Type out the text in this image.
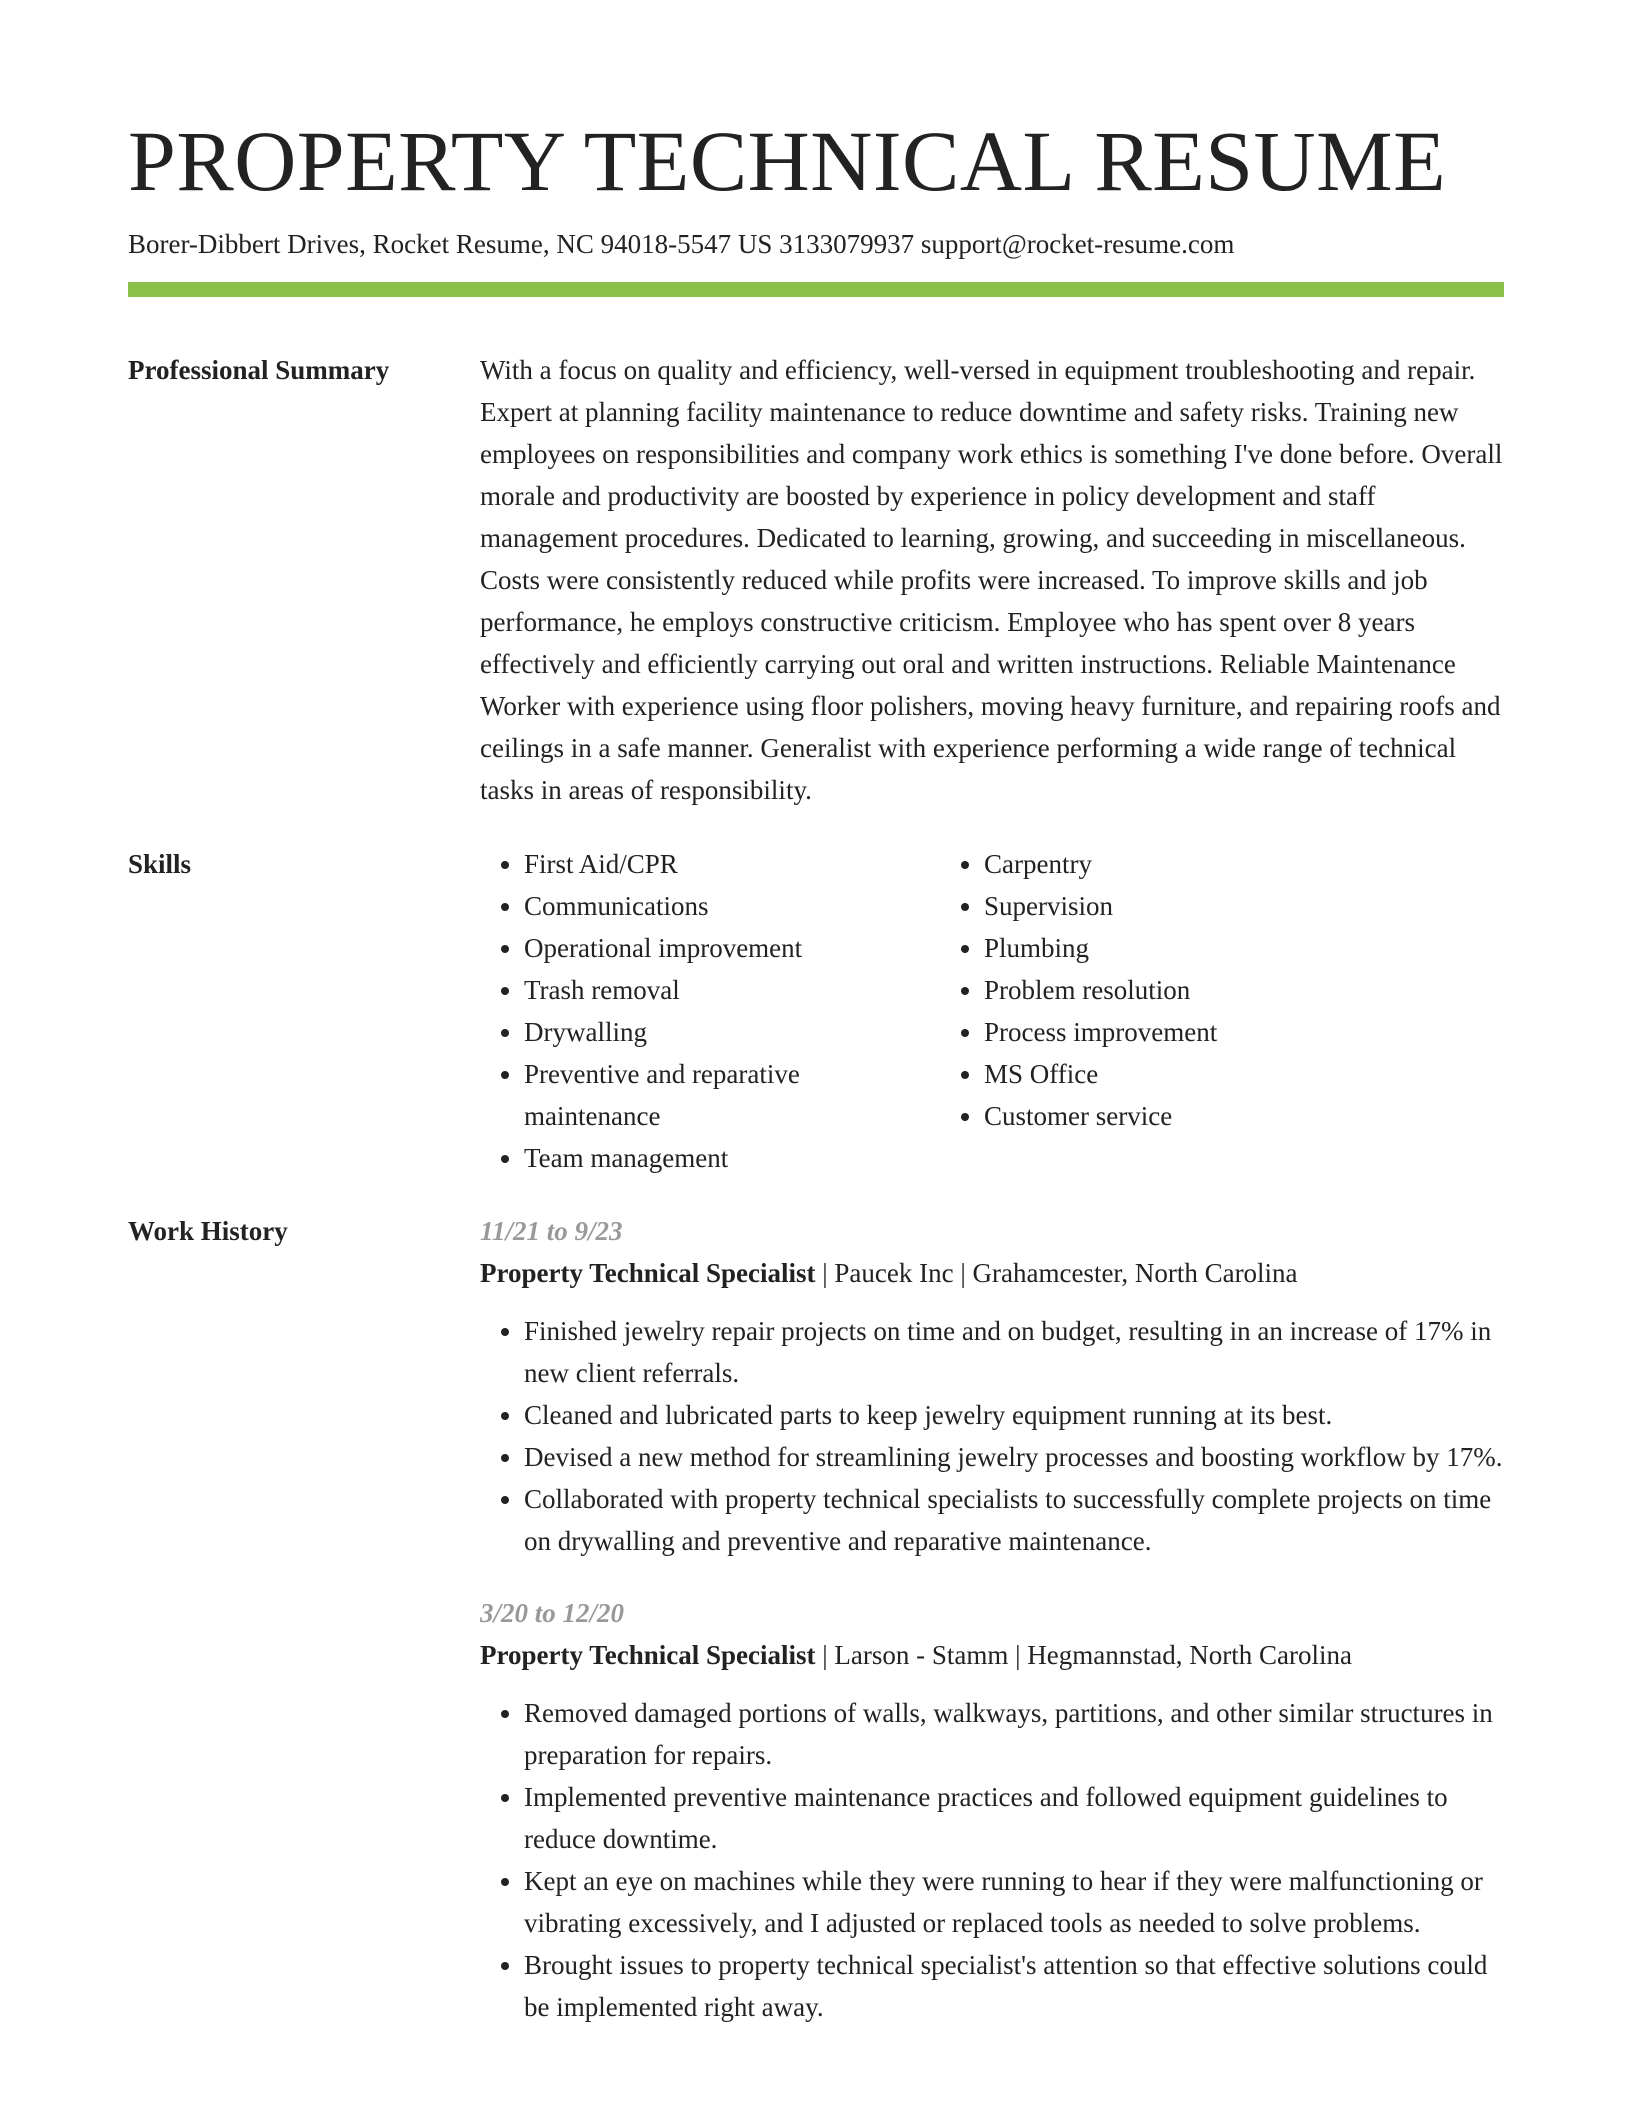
PROPERTY TECHNICAL RESUME
Borer-Dibbert Drives, Rocket Resume, NC 94018-5547 US 3133079937 support@rocket-resume.com
Professional Summary	With a focus on quality and efficiency, well-versed in equipment troubleshooting and repair. Expert at planning facility maintenance to reduce downtime and safety risks. Training new employees on responsibilities and company work ethics is something I've done before. Overall morale and productivity are boosted by experience in policy development and staff management procedures. Dedicated to learning, growing, and succeeding in miscellaneous. Costs were consistently reduced while profits were increased. To improve skills and job performance, he employs constructive criticism. Employee who has spent over 8 years effectively and efficiently carrying out oral and written instructions. Reliable Maintenance Worker with experience using floor polishers, moving heavy furniture, and repairing roofs and ceilings in a safe manner. Generalist with experience performing a wide range of technical tasks in areas of responsibility.

Skills
•	First Aid/CPR
• Communications
• Operational improvement
• Trash removal
• Drywalling
• Preventive and reparative maintenance
• Team management
• Carpentry
• Supervision
• Plumbing
• Problem resolution
• Process improvement
• MS Office
• Customer service
Work History	11/21 to 9/23
Property Technical Specialist | Paucek Inc | Grahamcester, North Carolina
• Finished jewelry repair projects on time and on budget, resulting in an increase of 17% in new client referrals.
• Cleaned and lubricated parts to keep jewelry equipment running at its best.
• Devised a new method for streamlining jewelry processes and boosting workflow by 17%.
• Collaborated with property technical specialists to successfully complete projects on time on drywalling and preventive and reparative maintenance.
3/20 to 12/20
Property Technical Specialist | Larson - Stamm | Hegmannstad, North Carolina
• Removed damaged portions of walls, walkways, partitions, and other similar structures in preparation for repairs.
• Implemented preventive maintenance practices and followed equipment guidelines to reduce downtime.
• Kept an eye on machines while they were running to hear if they were malfunctioning or vibrating excessively, and I adjusted or replaced tools as needed to solve problems.
• Brought issues to property technical specialist's attention so that effective solutions could be implemented right away.
